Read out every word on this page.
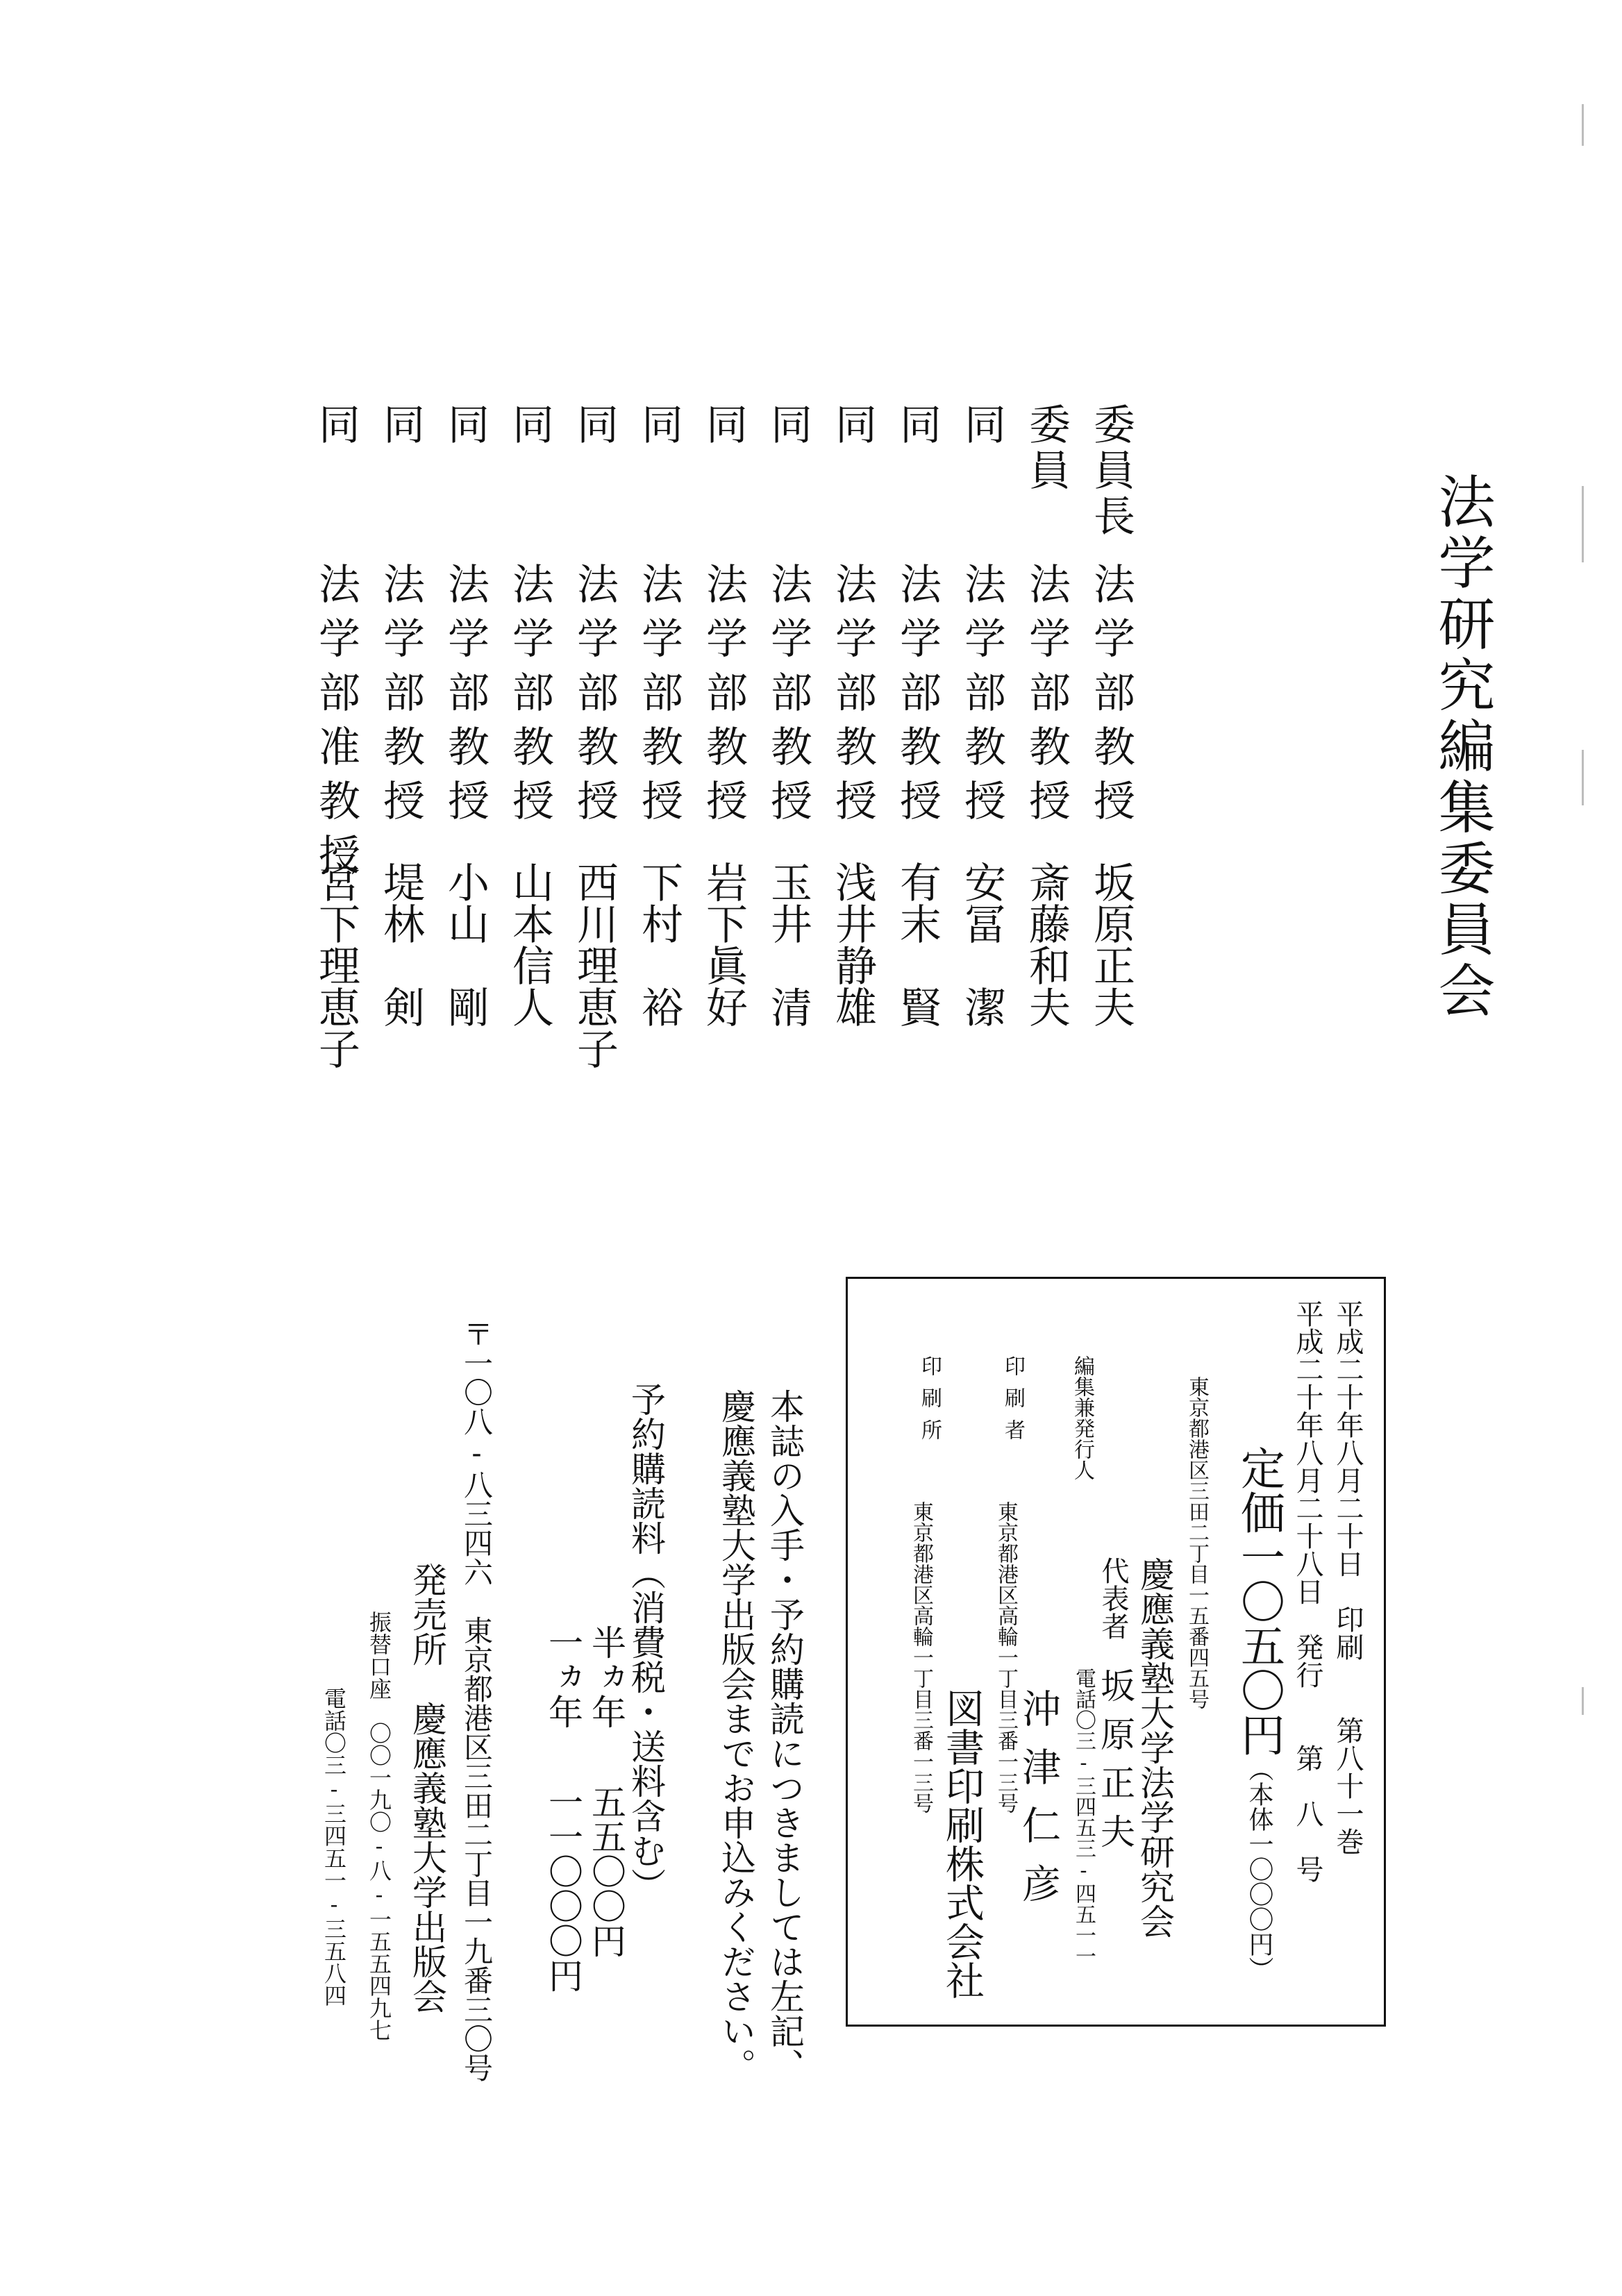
法学研究編集委員会
委員長
法学部教授
坂原正夫
委員
法学部教授
斎藤和夫
同
法学部教授
安冨　潔
同
法学部教授
有末　賢
同
法学部教授
浅井静雄
同
法学部教授
玉井　清
同
法学部教授
岩下眞好
同
法学部教授
下村　裕
同
法学部教授
西川理恵子
同
法学部教授
山本信人
同
法学部教授
小山　剛
同
法学部教授
堤林　剣
同
法学部准教授
宮下理恵子
平成二十年八月二十日　印刷　　第八十一巻
平成二十年八月二十八日　発行　　第　八　号
定価一〇五〇円（本体一〇〇〇円）
東京都港区三田二丁目一五番四五号
慶應義塾大学法学研究会
代表者
坂原正夫
電話〇三-三四五三-四五一一
編集兼発行人
印刷者
東京都港区高輪一丁目三番一三号
沖津仁彦
印刷所
東京都港区高輪一丁目三番一三号
図書印刷株式会社
本誌の入手・予約購読につきましては左記、
慶應義塾大学出版会までお申込みください。
予約購読料（消費税・送料含む）
半ヵ年
五五〇〇円
一ヵ年
一一〇〇〇円
〒一〇八-八三四六　東京都港区三田二丁目一九番三〇号
発売所　慶應義塾大学出版会
振替口座　〇〇一九〇-八-一五五四九七
電話〇三-三四五一-三五八四
